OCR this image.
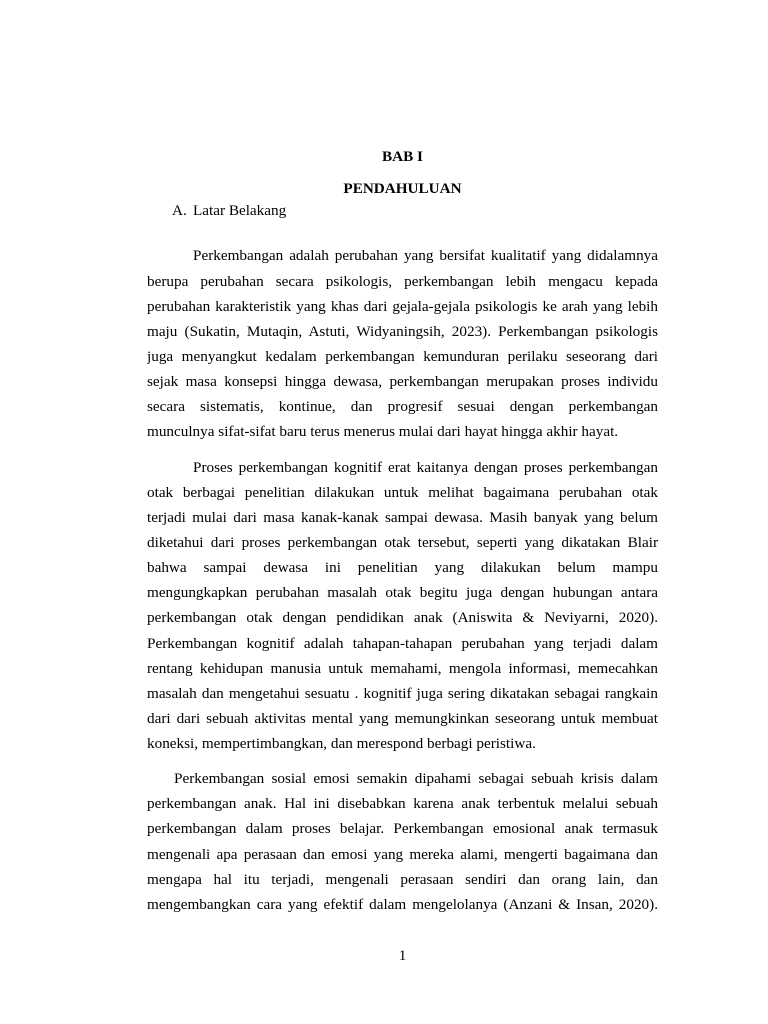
BAB I
PENDAHULUAN
A. Latar Belakang
Perkembangan adalah perubahan yang bersifat kualitatif yang didalamnya
berupa perubahan secara psikologis, perkembangan lebih mengacu kepada
perubahan karakteristik yang khas dari gejala-gejala psikologis ke arah yang lebih
maju (Sukatin, Mutaqin, Astuti, Widyaningsih, 2023). Perkembangan psikologis
juga menyangkut kedalam perkembangan kemunduran perilaku seseorang dari
sejak masa konsepsi hingga dewasa, perkembangan merupakan proses individu
secara sistematis, kontinue, dan progresif sesuai dengan perkembangan
munculnya sifat-sifat baru terus menerus mulai dari hayat hingga akhir hayat.
Proses perkembangan kognitif erat kaitanya dengan proses perkembangan
otak berbagai penelitian dilakukan untuk melihat bagaimana perubahan otak
terjadi mulai dari masa kanak-kanak sampai dewasa. Masih banyak yang belum
diketahui dari proses perkembangan otak tersebut, seperti yang dikatakan Blair
bahwa sampai dewasa ini penelitian yang dilakukan belum mampu
mengungkapkan perubahan masalah otak begitu juga dengan hubungan antara
perkembangan otak dengan pendidikan anak (Aniswita & Neviyarni, 2020).
Perkembangan kognitif adalah tahapan-tahapan perubahan yang terjadi dalam
rentang kehidupan manusia untuk memahami, mengola informasi, memecahkan
masalah dan mengetahui sesuatu . kognitif juga sering dikatakan sebagai rangkain
dari dari sebuah aktivitas mental yang memungkinkan seseorang untuk membuat
koneksi, mempertimbangkan, dan merespond berbagi peristiwa.
Perkembangan sosial emosi semakin dipahami sebagai sebuah krisis dalam
perkembangan anak. Hal ini disebabkan karena anak terbentuk melalui sebuah
perkembangan dalam proses belajar. Perkembangan emosional anak termasuk
mengenali apa perasaan dan emosi yang mereka alami, mengerti bagaimana dan
mengapa hal itu terjadi, mengenali perasaan sendiri dan orang lain, dan
mengembangkan cara yang efektif dalam mengelolanya (Anzani & Insan, 2020).
1
